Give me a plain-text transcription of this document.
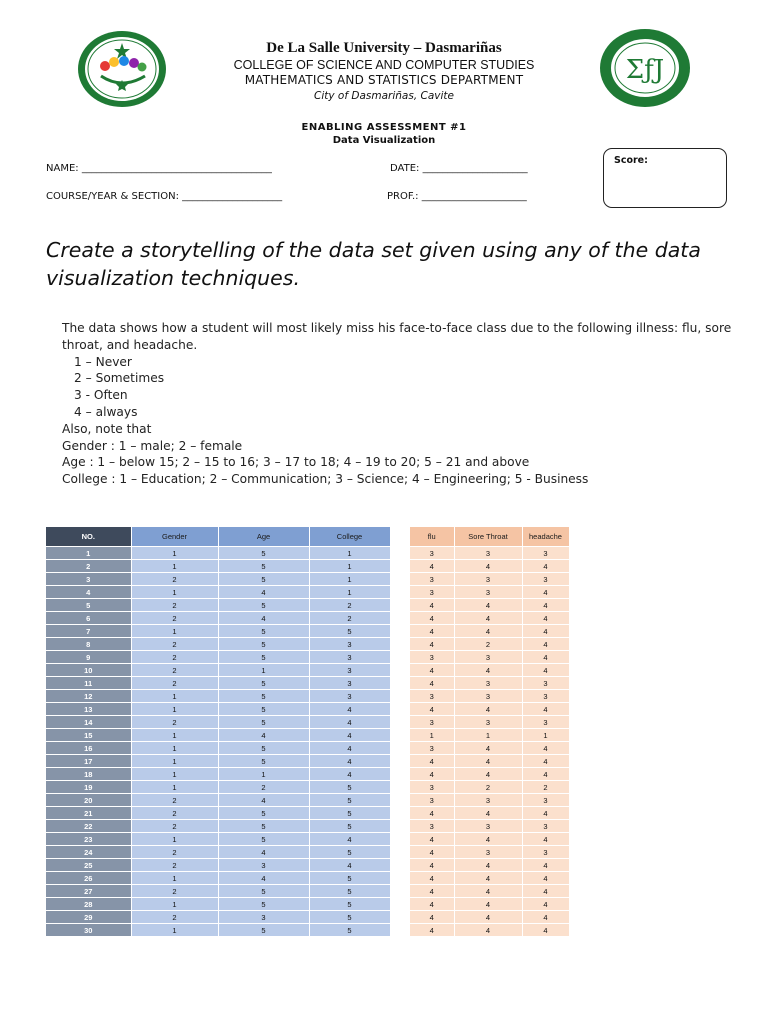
ΣƒJ
De La Salle University – Dasmariñas
COLLEGE OF SCIENCE AND COMPUTER STUDIES
MATHEMATICS AND STATISTICS DEPARTMENT
City of Dasmariñas, Cavite
ENABLING ASSESSMENT #1
Data Visualization
NAME: ______________________________________	DATE: _____________________
COURSE/YEAR & SECTION: ____________________	PROF.: _____________________
Score:
Create a storytelling of the data set given using any of the data visualization techniques.
The data shows how a student will most likely miss his face-to-face class due to the following illness: flu, sore throat, and headache.
1 – Never
2 – Sometimes
3 - Often
4 – always
Also, note that
Gender : 1 – male; 2 – female
Age : 1 – below 15; 2 – 15 to 16; 3 – 17 to 18; 4 – 19 to 20; 5 – 21 and above
College : 1 – Education; 2 – Communication; 3 – Science; 4 – Engineering; 5 - Business
NO.	Gender	Age	College
1	1	5	1
2	1	5	1
3	2	5	1
4	1	4	1
5	2	5	2
6	2	4	2
7	1	5	5
8	2	5	3
9	2	5	3
10	2	1	3
11	2	5	3
12	1	5	3
13	1	5	4
14	2	5	4
15	1	4	4
16	1	5	4
17	1	5	4
18	1	1	4
19	1	2	5
20	2	4	5
21	2	5	5
22	2	5	5
23	1	5	4
24	2	4	5
25	2	3	4
26	1	4	5
27	2	5	5
28	1	5	5
29	2	3	5
30	1	5	5
flu	Sore Throat	headache
3	3	3
4	4	4
3	3	3
3	3	4
4	4	4
4	4	4
4	4	4
4	2	4
3	3	4
4	4	4
4	3	3
3	3	3
4	4	4
3	3	3
1	1	1
3	4	4
4	4	4
4	4	4
3	2	2
3	3	3
4	4	4
3	3	3
4	4	4
4	3	3
4	4	4
4	4	4
4	4	4
4	4	4
4	4	4
4	4	4
